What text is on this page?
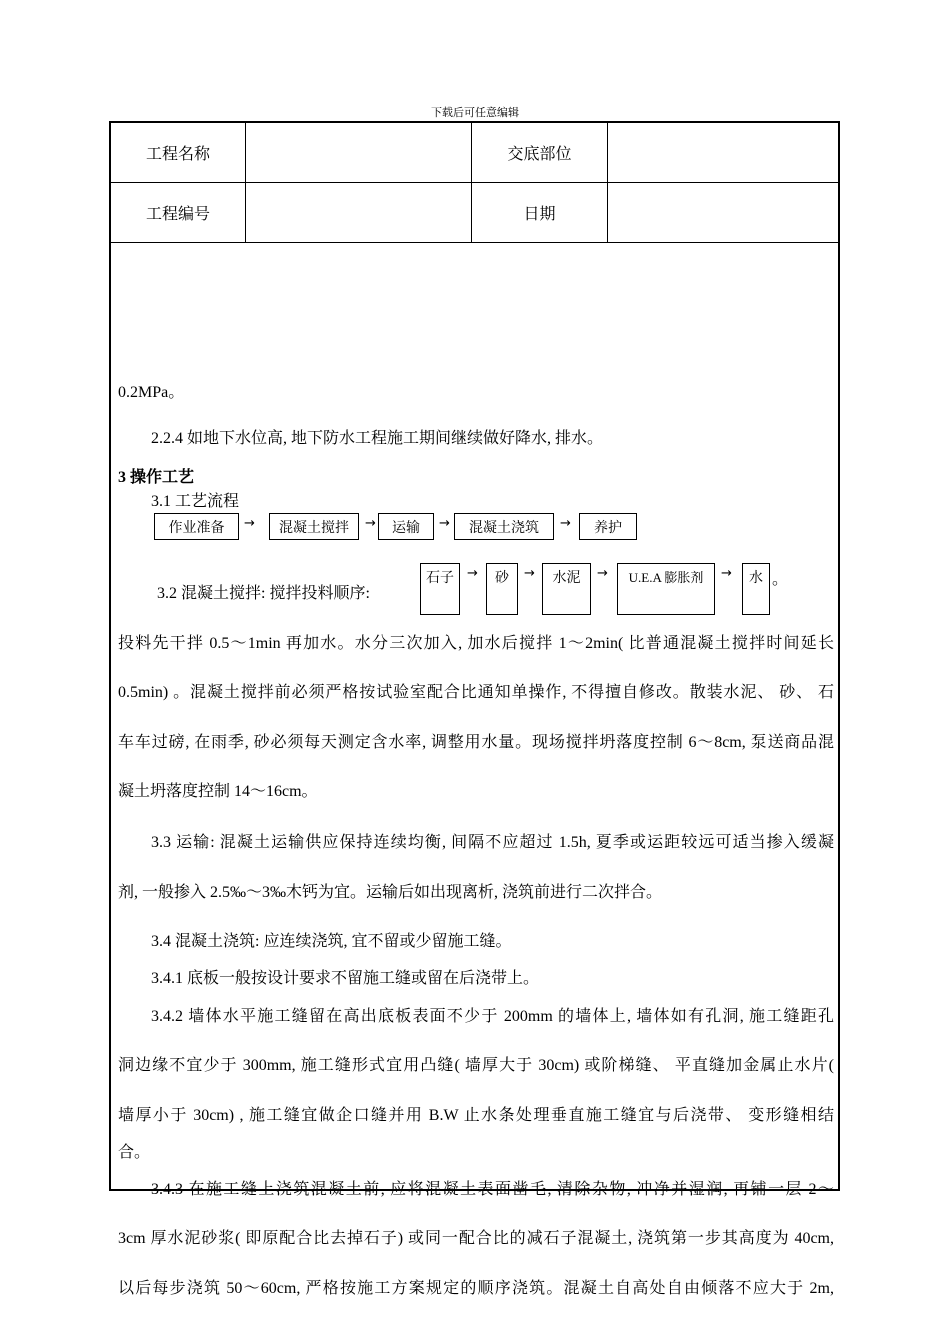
下载后可任意编辑
工程名称	交底部位
工程编号	日期
0.2MPa。
2.2.4 如地下水位高, 地下防水工程施工期间继续做好降水, 排水。
3 操作工艺
3.1 工艺流程
作业准备	→	混凝土搅拌	→	运输	→	混凝土浇筑	→	养护
3.2 混凝土搅拌: 搅拌投料顺序:
石子	→	砂	→	水泥	→	U.E.A 膨胀剂	→	水 。
投料先干拌 0.5～1min 再加水。水分三次加入, 加水后搅拌 1～2min( 比普通混凝土搅拌时间延长
0.5min) 。混凝土搅拌前必须严格按试验室配合比通知单操作, 不得擅自修改。散装水泥、 砂、 石
车车过磅, 在雨季, 砂必须每天测定含水率, 调整用水量。现场搅拌坍落度控制 6～8cm, 泵送商品混
凝土坍落度控制 14～16cm。
3.3 运输: 混凝土运输供应保持连续均衡, 间隔不应超过 1.5h, 夏季或运距较远可适当掺入缓凝
剂, 一般掺入 2.5‰～3‰木钙为宜。运输后如出现离析, 浇筑前进行二次拌合。
3.4 混凝土浇筑: 应连续浇筑, 宜不留或少留施工缝。
3.4.1 底板一般按设计要求不留施工缝或留在后浇带上。
3.4.2 墙体水平施工缝留在高出底板表面不少于 200mm 的墙体上, 墙体如有孔洞, 施工缝距孔
洞边缘不宜少于 300mm, 施工缝形式宜用凸缝( 墙厚大于 30cm) 或阶梯缝、 平直缝加金属止水片(
墙厚小于 30cm) , 施工缝宜做企口缝并用 B.W 止水条处理垂直施工缝宜与后浇带、 变形缝相结
合。
3.4.3 在施工缝上浇筑混凝土前, 应将混凝土表面凿毛, 清除杂物, 冲净并湿润, 再铺一层 2～
3cm 厚水泥砂浆( 即原配合比去掉石子) 或同一配合比的减石子混凝土, 浇筑第一步其高度为 40cm,
以后每步浇筑 50～60cm, 严格按施工方案规定的顺序浇筑。混凝土自高处自由倾落不应大于 2m,
